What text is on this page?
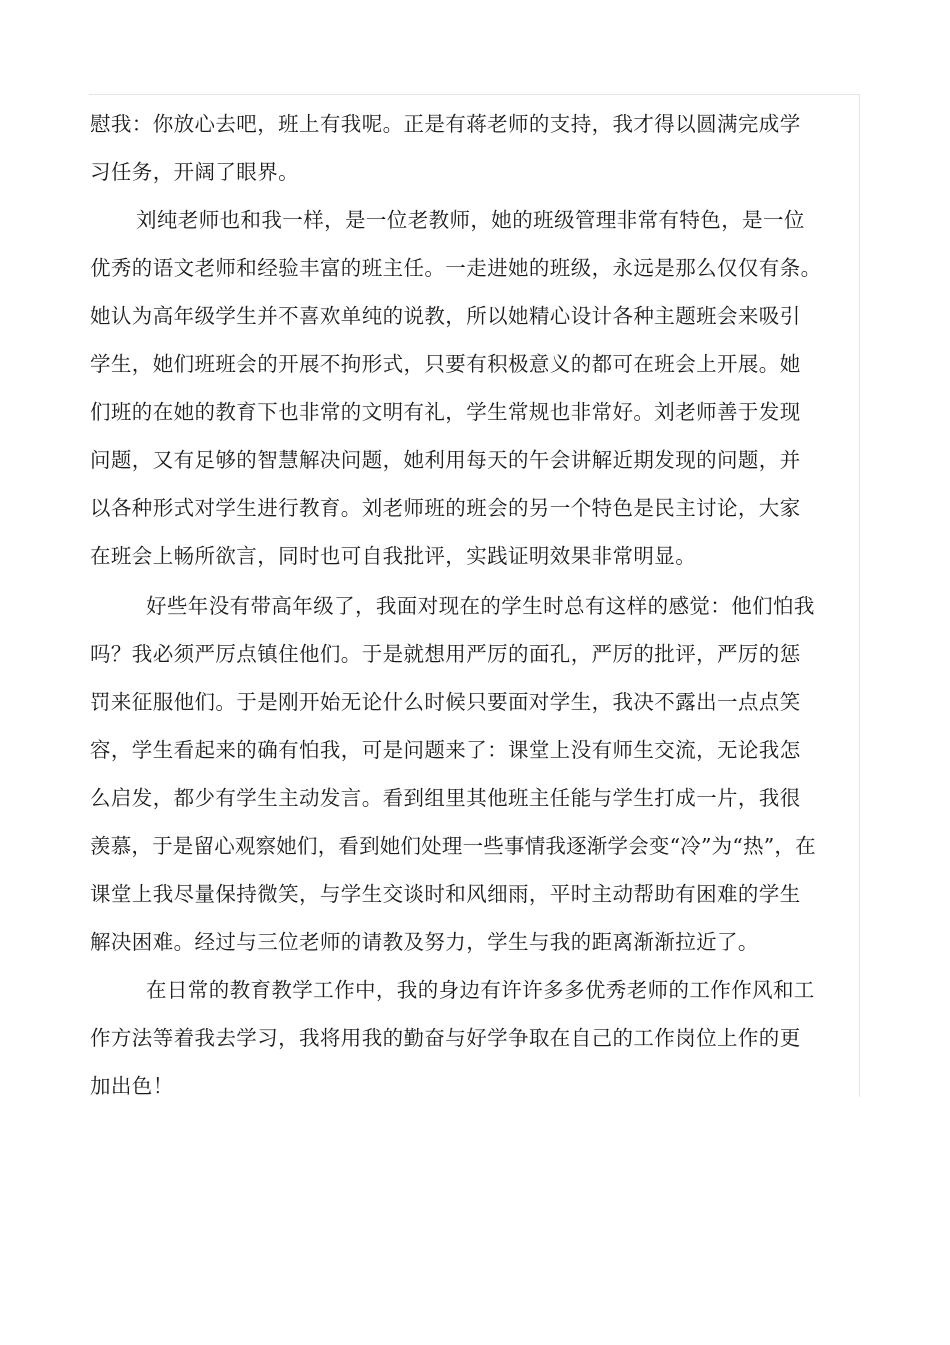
慰我：你放心去吧，班上有我呢。正是有蒋老师的支持，我才得以圆满完成学
习任务，开阔了眼界。
刘纯老师也和我一样，是一位老教师，她的班级管理非常有特色，是一位
优秀的语文老师和经验丰富的班主任。一走进她的班级，永远是那么仅仅有条。
她认为高年级学生并不喜欢单纯的说教，所以她精心设计各种主题班会来吸引
学生，她们班班会的开展不拘形式，只要有积极意义的都可在班会上开展。她
们班的在她的教育下也非常的文明有礼，学生常规也非常好。刘老师善于发现
问题，又有足够的智慧解决问题，她利用每天的午会讲解近期发现的问题，并
以各种形式对学生进行教育。刘老师班的班会的另一个特色是民主讨论，大家
在班会上畅所欲言，同时也可自我批评，实践证明效果非常明显。
好些年没有带高年级了，我面对现在的学生时总有这样的感觉：他们怕我
吗？我必须严厉点镇住他们。于是就想用严厉的面孔，严厉的批评，严厉的惩
罚来征服他们。于是刚开始无论什么时候只要面对学生，我决不露出一点点笑
容，学生看起来的确有怕我，可是问题来了：课堂上没有师生交流，无论我怎
么启发，都少有学生主动发言。看到组里其他班主任能与学生打成一片，我很
羡慕，于是留心观察她们，看到她们处理一些事情我逐渐学会变“冷”为“热”，在
课堂上我尽量保持微笑，与学生交谈时和风细雨，平时主动帮助有困难的学生
解决困难。经过与三位老师的请教及努力，学生与我的距离渐渐拉近了。
在日常的教育教学工作中，我的身边有许许多多优秀老师的工作作风和工
作方法等着我去学习，我将用我的勤奋与好学争取在自己的工作岗位上作的更
加出色！
